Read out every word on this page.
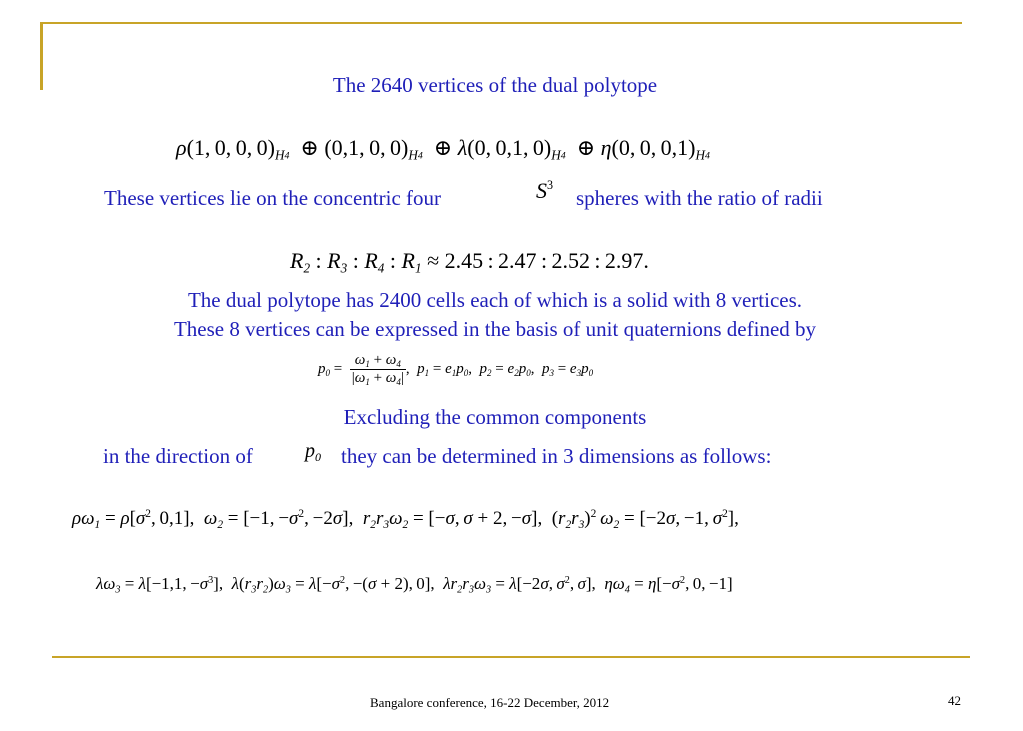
The 2640 vertices of the dual polytope
ρ(1, 0, 0, $0)_{H4}$  ⊕ (0,1, 0, $0)_{H4}$  ⊕ λ(0, 0,1, $0)_{H4}$  ⊕ η(0, 0, $0,1)_{H4}$
These vertices lie on the concentric four	$S^3$
spheres with the ratio of radii
$R_2$ : $R_3$ : $R_4$ : $R_1 \approx 2.45$ : 2.47 : 2.52 : 2.97.
The dual polytope has 2400 cells each of which is a solid with 8 vertices.
These 8 vertices can be expressed in the basis of unit quaternions defined by
$p_0 = \frac{\omega_1 + \omega_4}{|\omega_1 + \omega_4|}$ ,  $p_1 = e_1p_0$,  $p_2 = e_2p_0$,  $p_3 = e_3p_0$
Excluding the common components
in the direction of	$p_0$ they can be determined in 3 dimensions as follows:
$\rho\omega_1 = \rho[\sigma^2$, 0,1],  $\omega_2 = [-1$, $-\sigma^2$, −2σ],  $r_2r_3\omega_2 = [-\sigma$, σ + 2, −σ],  $(r_2r_3)^2$  $\omega_2 = [-2\sigma$, −1, $\sigma^2$],
$\lambda\omega_3 = \lambda[-1,1$, $-\sigma^3$],  $\lambda(r_3r_2)\omega_3 = \lambda[-\sigma^2$, −(σ + 2), 0],  $\lambda r_2r_3\omega_3 = \lambda[-2\sigma$, $\sigma^2$, σ],  $\eta\omega_4 = \eta[-\sigma^2$, 0, −1]
Bangalore conference, 16-22 December, 2012	42
